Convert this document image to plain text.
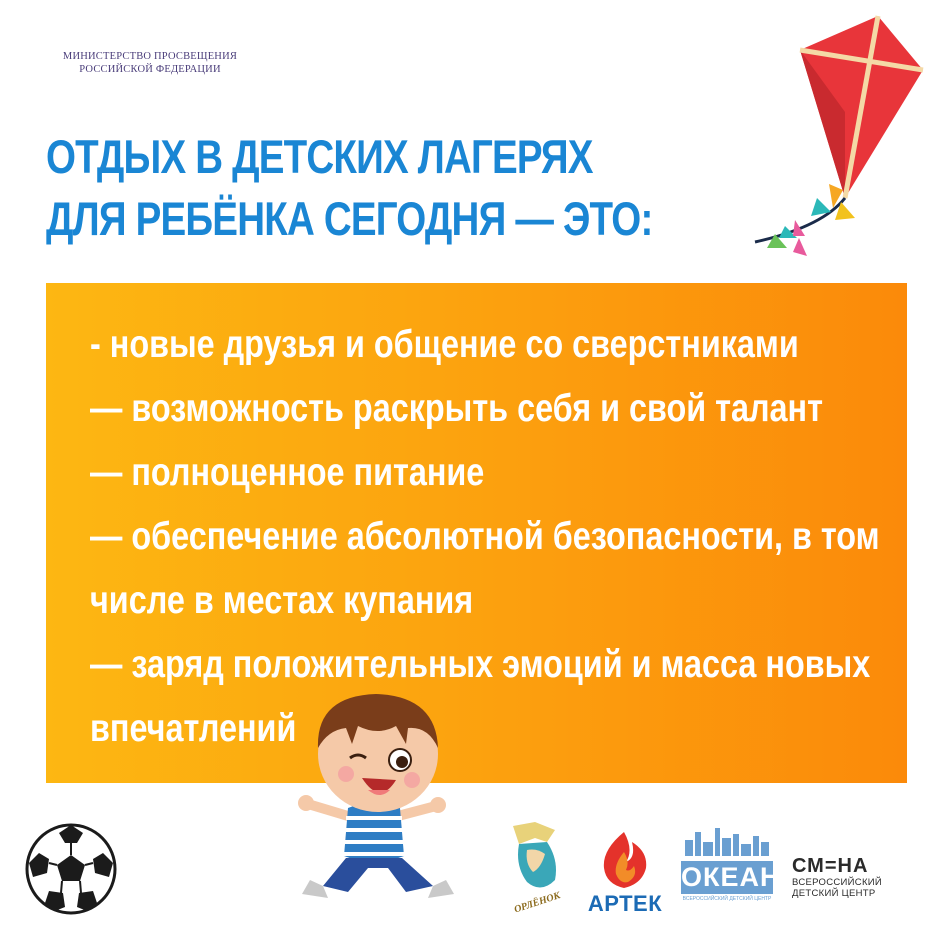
МИНИСТЕРСТВО ПРОСВЕЩЕНИЯ
РОССИЙСКОЙ ФЕДЕРАЦИИ
ОТДЫХ В ДЕТСКИХ ЛАГЕРЯХ
ДЛЯ РЕБЁНКА СЕГОДНЯ — ЭТО:
- новые друзья и общение со сверстниками
— возможность раскрыть себя и свой талант
— полноценное питание
— обеспечение абсолютной безопасности, в том
числе в местах купания
— заряд положительных эмоций и масса новых
впечатлений
ОРЛЁНОК АРТЕК
ОКЕАН
ВСЕРОССИЙСКИЙ ДЕТСКИЙ ЦЕНТР
СМ=НА
ВСЕРОССИЙСКИЙ
ДЕТСКИЙ ЦЕНТР
